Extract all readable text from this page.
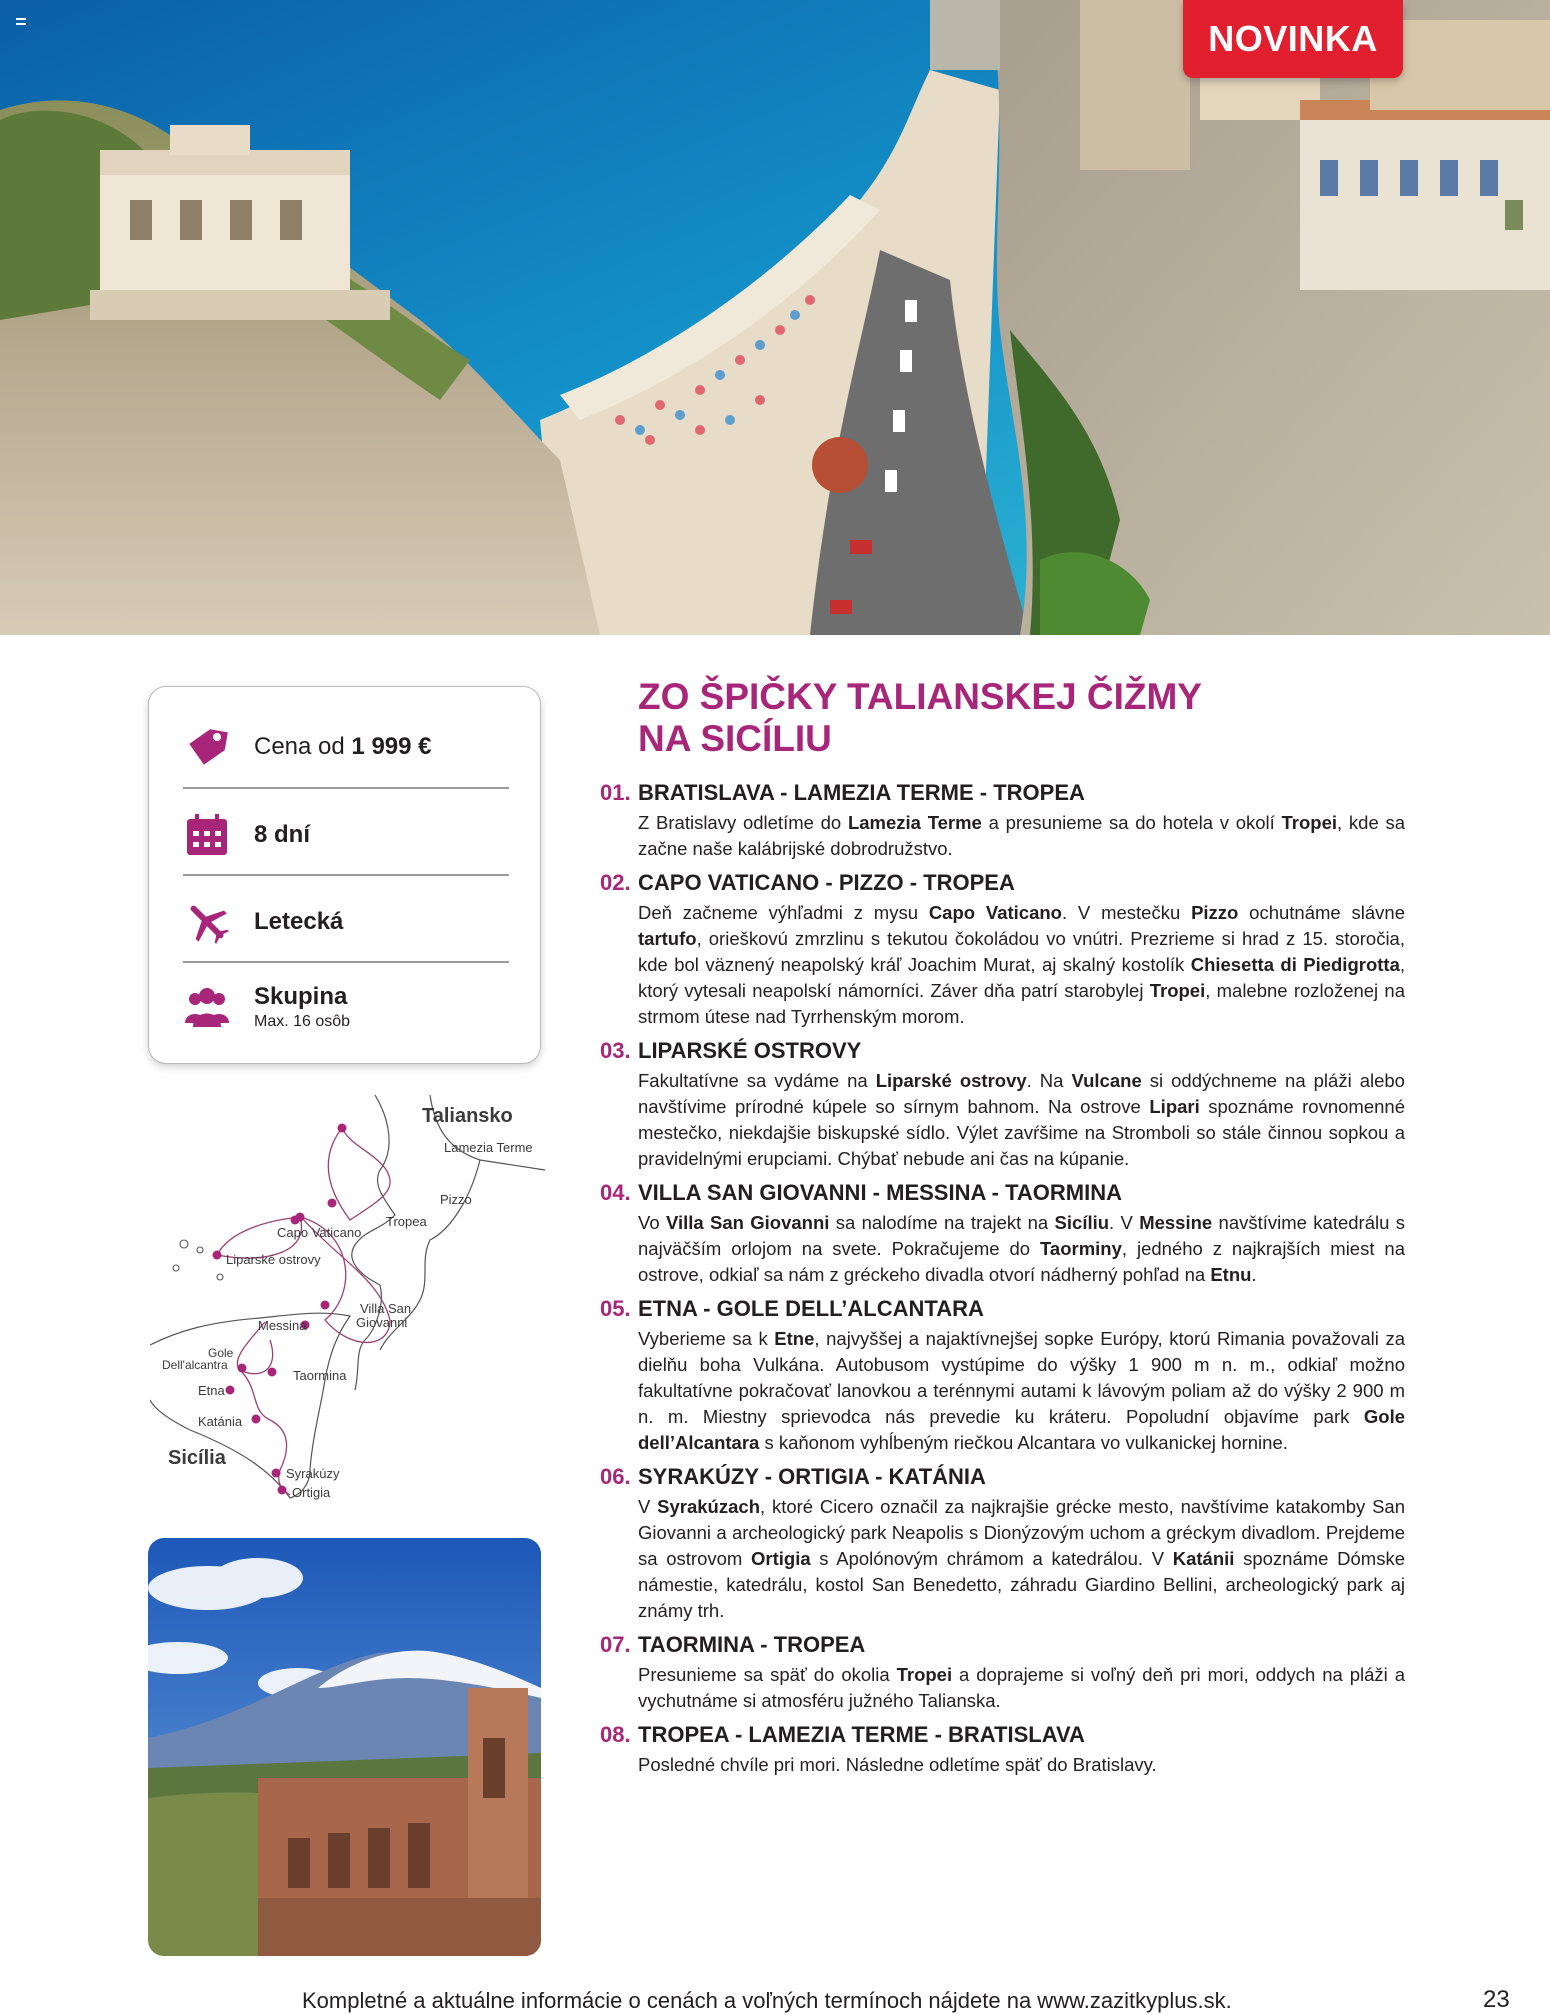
NOVINKA
Cena od 1 999 €
8 dní
Letecká
Skupina
Max. 16 osôb
Taliansko
Lamezia Terme
Pizzo
Tropea
Capo Vaticano
Liparské ostrovy
Villa San
Giovanni
Messina
Gole
Dell'alcantra
Etna
Taormina
Katánia
Sicília
Syrakúzy
Ortigia
ZO ŠPIČKY TALIANSKEJ ČIŽMY
NA SICÍLIU
01. BRATISLAVA - LAMEZIA TERME - TROPEA
Z Bratislavy odletíme do Lamezia Terme a presunieme sa do hotela v okolí Tropei, kde sa začne naše kalábrijské dobrodružstvo.
02. CAPO VATICANO - PIZZO - TROPEA
Deň začneme výhľadmi z mysu Capo Vaticano. V mestečku Pizzo ochutnáme slávne tartufo, orieškovú zmrzlinu s tekutou čokoládou vo vnútri. Prezrieme si hrad z 15. storočia, kde bol väznený neapolský kráľ Joachim Murat, aj skalný kostolík Chiesetta di Piedigrotta, ktorý vytesali neapolskí námorníci. Záver dňa patrí starobylej Tropei, malebne rozloženej na strmom útese nad Tyrrhenským morom.
03. LIPARSKÉ OSTROVY
Fakultatívne sa vydáme na Liparské ostrovy. Na Vulcane si oddýchneme na pláži alebo navštívime prírodné kúpele so sírnym bahnom. Na ostrove Lipari spoznáme rovnomenné mestečko, niekdajšie biskupské sídlo. Výlet zavŕšime na Stromboli so stále činnou sopkou a pravidelnými erupciami. Chýbať nebude ani čas na kúpanie.
04. VILLA SAN GIOVANNI - MESSINA - TAORMINA
Vo Villa San Giovanni sa nalodíme na trajekt na Sicíliu. V Messine navštívime katedrálu s najväčším orlojom na svete. Pokračujeme do Taorminy, jedného z najkrajších miest na ostrove, odkiaľ sa nám z gréckeho divadla otvorí nádherný pohľad na Etnu.
05. ETNA - GOLE DELL’ALCANTARA
Vyberieme sa k Etne, najvyššej a najaktívnejšej sopke Európy, ktorú Rimania považovali za dielňu boha Vulkána. Autobusom vystúpime do výšky 1 900 m n. m., odkiaľ možno fakultatívne pokračovať lanovkou a terénnymi autami k lávovým poliam až do výšky 2 900 m n. m. Miestny sprievodca nás prevedie ku kráteru. Popoludní objavíme park Gole dell’Alcantara s kaňonom vyhĺbeným riečkou Alcantara vo vulkanickej hornine.
06. SYRAKÚZY - ORTIGIA - KATÁNIA
V Syrakúzach, ktoré Cicero označil za najkrajšie grécke mesto, navštívime katakomby San Giovanni a archeologický park Neapolis s Dionýzovým uchom a gréckym divadlom. Prejdeme sa ostrovom Ortigia s Apolónovým chrámom a katedrálou. V Katánii spoznáme Dómske námestie, katedrálu, kostol San Benedetto, záhradu Giardino Bellini, archeologický park aj známy trh.
07. TAORMINA - TROPEA
Presunieme sa späť do okolia Tropei a doprajeme si voľný deň pri mori, oddych na pláži a vychutnáme si atmosféru južného Talianska.
08. TROPEA - LAMEZIA TERME - BRATISLAVA
Posledné chvíle pri mori. Následne odletíme späť do Bratislavy.
Kompletné a aktuálne informácie o cenách a voľných termínoch nájdete na www.zazitkyplus.sk.	23
